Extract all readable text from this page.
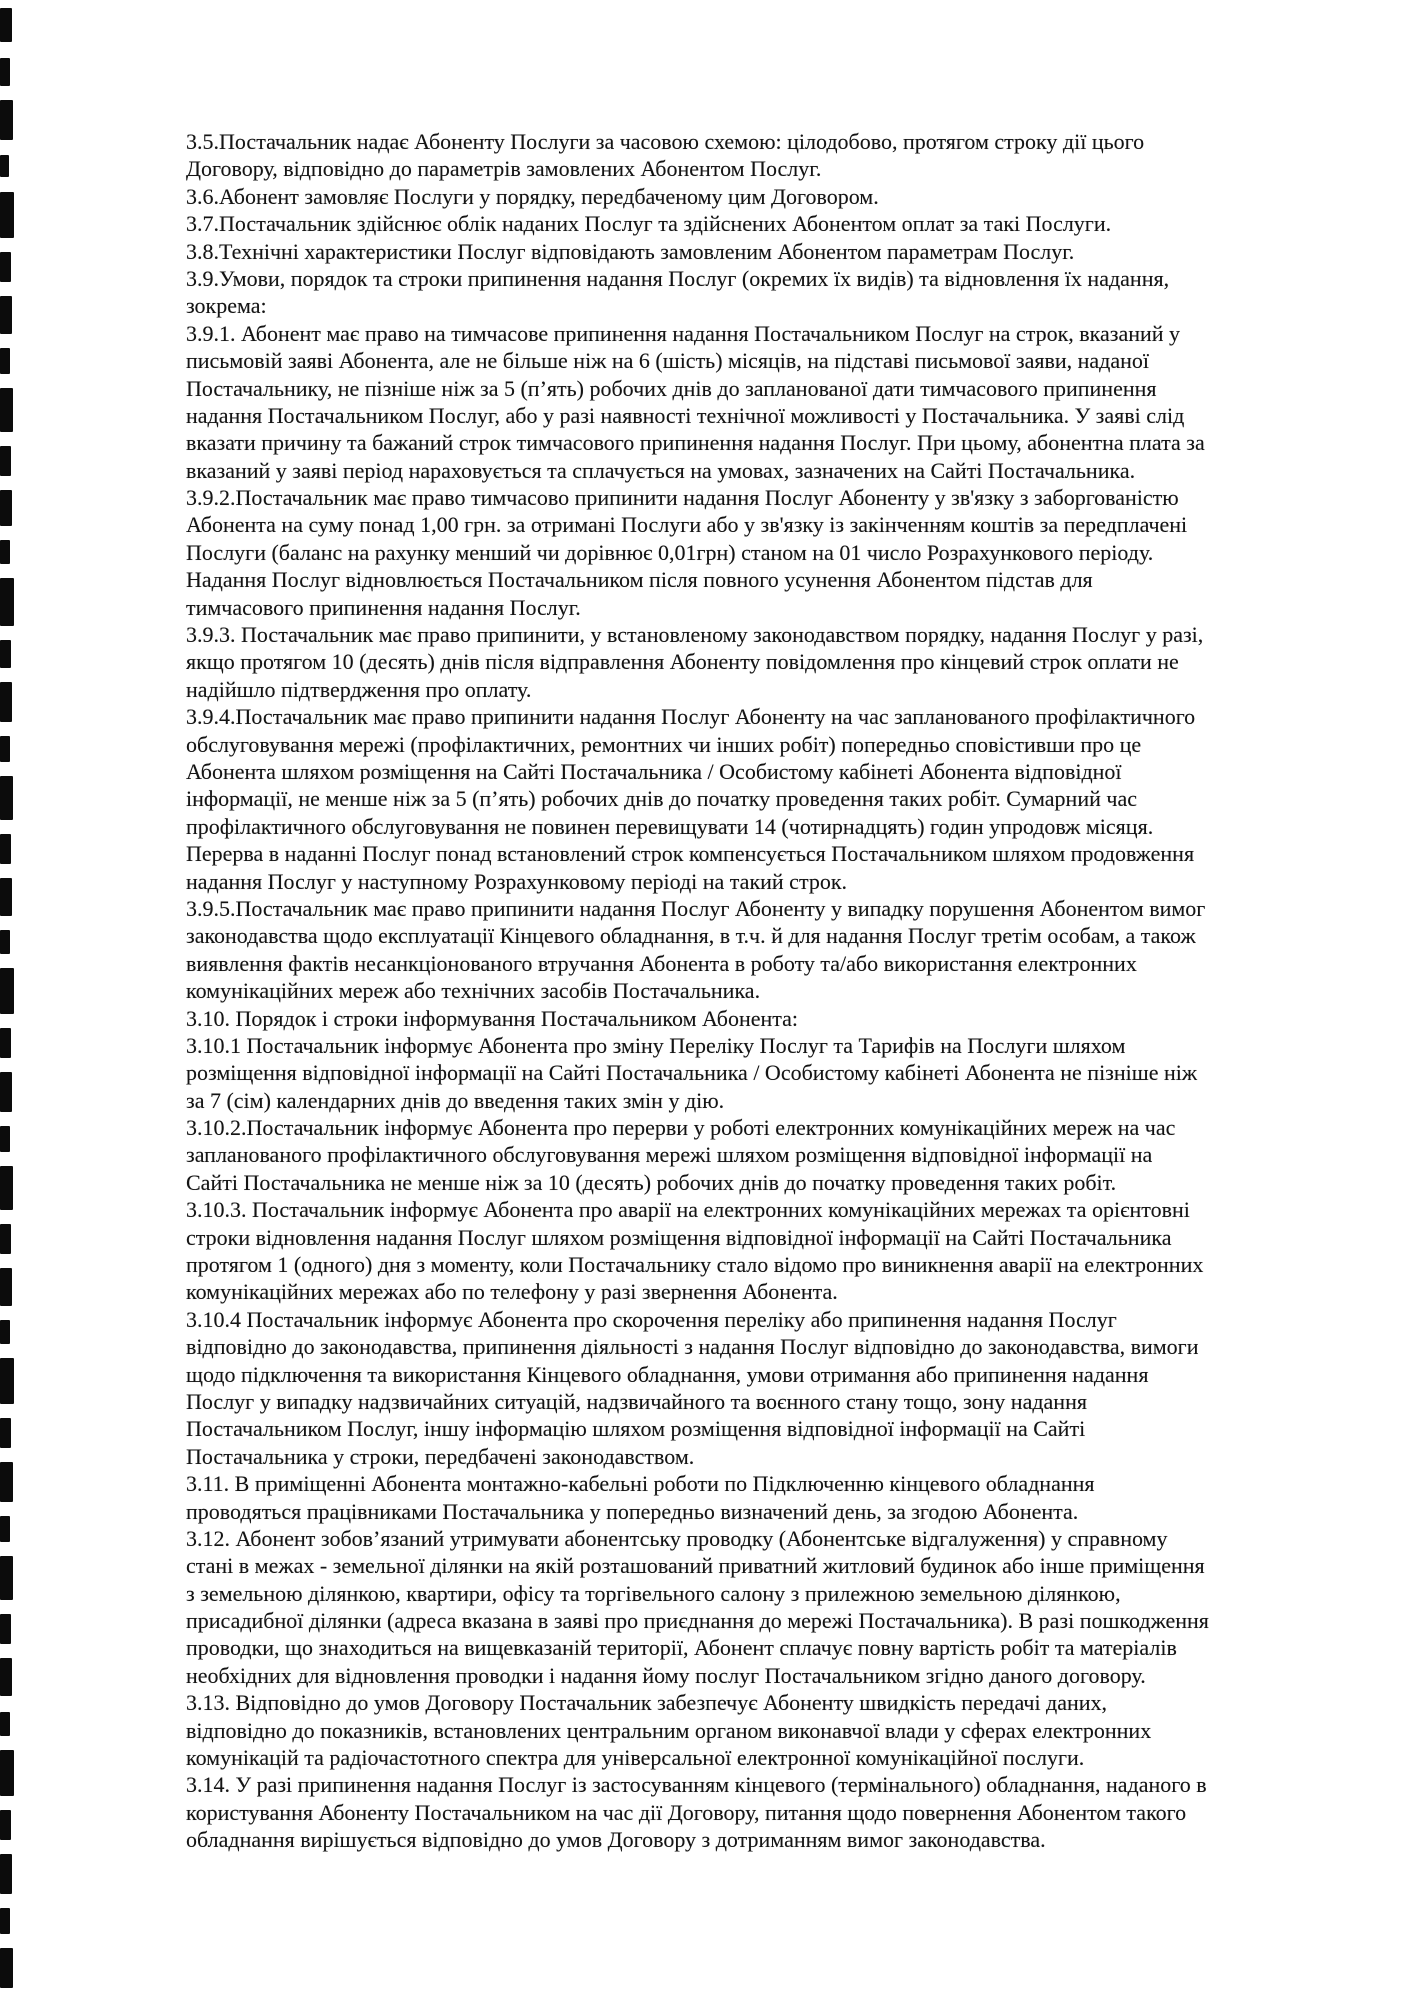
3.5.Постачальник надає Абоненту Послуги за часовою схемою: цілодобово, протягом строку дії цього
Договору, відповідно до параметрів замовлених Абонентом Послуг.
3.6.Абонент замовляє Послуги у порядку, передбаченому цим Договором.
3.7.Постачальник здійснює облік наданих Послуг та здійснених Абонентом оплат за такі Послуги.
3.8.Технічні характеристики Послуг відповідають замовленим Абонентом параметрам Послуг.
3.9.Умови, порядок та строки припинення надання Послуг (окремих їх видів) та відновлення їх надання,
зокрема:
3.9.1. Абонент має право на тимчасове припинення надання Постачальником Послуг на строк, вказаний у
письмовій заяві Абонента, але не більше ніж на 6 (шість) місяців, на підставі письмової заяви, наданої
Постачальнику, не пізніше ніж за 5 (п’ять) робочих днів до запланованої дати тимчасового припинення
надання Постачальником Послуг, або у разі наявності технічної можливості у Постачальника. У заяві слід
вказати причину та бажаний строк тимчасового припинення надання Послуг. При цьому, абонентна плата за
вказаний у заяві період нараховується та сплачується на умовах, зазначених на Сайті Постачальника.
3.9.2.Постачальник має право тимчасово припинити надання Послуг Абоненту у зв'язку з заборгованістю
Абонента на суму понад 1,00 грн. за отримані Послуги або у зв'язку із закінченням коштів за передплачені
Послуги (баланс на рахунку менший чи дорівнює 0,01грн) станом на 01 число Розрахункового періоду.
Надання Послуг відновлюється Постачальником після повного усунення Абонентом підстав для
тимчасового припинення надання Послуг.
3.9.3. Постачальник має право припинити, у встановленому законодавством порядку, надання Послуг у разі,
якщо протягом 10 (десять) днів після відправлення Абоненту повідомлення про кінцевий строк оплати не
надійшло підтвердження про оплату.
3.9.4.Постачальник має право припинити надання Послуг Абоненту на час запланованого профілактичного
обслуговування мережі (профілактичних, ремонтних чи інших робіт) попередньо сповістивши про це
Абонента шляхом розміщення на Сайті Постачальника / Особистому кабінеті Абонента відповідної
інформації, не менше ніж за 5 (п’ять) робочих днів до початку проведення таких робіт. Сумарний час
профілактичного обслуговування не повинен перевищувати 14 (чотирнадцять) годин упродовж місяця.
Перерва в наданні Послуг понад встановлений строк компенсується Постачальником шляхом продовження
надання Послуг у наступному Розрахунковому періоді на такий строк.
3.9.5.Постачальник має право припинити надання Послуг Абоненту у випадку порушення Абонентом вимог
законодавства щодо експлуатації Кінцевого обладнання, в т.ч. й для надання Послуг третім особам, а також
виявлення фактів несанкціонованого втручання Абонента в роботу та/або використання електронних
комунікаційних мереж або технічних засобів Постачальника.
3.10. Порядок і строки інформування Постачальником Абонента:
3.10.1 Постачальник інформує Абонента про зміну Переліку Послуг та Тарифів на Послуги шляхом
розміщення відповідної інформації на Сайті Постачальника / Особистому кабінеті Абонента не пізніше ніж
за 7 (сім) календарних днів до введення таких змін у дію.
3.10.2.Постачальник інформує Абонента про перерви у роботі електронних комунікаційних мереж на час
запланованого профілактичного обслуговування мережі шляхом розміщення відповідної інформації на
Сайті Постачальника не менше ніж за 10 (десять) робочих днів до початку проведення таких робіт.
3.10.3. Постачальник інформує Абонента про аварії на електронних комунікаційних мережах та орієнтовні
строки відновлення надання Послуг шляхом розміщення відповідної інформації на Сайті Постачальника
протягом 1 (одного) дня з моменту, коли Постачальнику стало відомо про виникнення аварії на електронних
комунікаційних мережах або по телефону у разі звернення Абонента.
3.10.4 Постачальник інформує Абонента про скорочення переліку або припинення надання Послуг
відповідно до законодавства, припинення діяльності з надання Послуг відповідно до законодавства, вимоги
щодо підключення та використання Кінцевого обладнання, умови отримання або припинення надання
Послуг у випадку надзвичайних ситуацій, надзвичайного та воєнного стану тощо, зону надання
Постачальником Послуг, іншу інформацію шляхом розміщення відповідної інформації на Сайті
Постачальника у строки, передбачені законодавством.
3.11. В приміщенні Абонента монтажно-кабельні роботи по Підключенню кінцевого обладнання
проводяться працівниками Постачальника у попередньо визначений день, за згодою Абонента.
3.12. Абонент зобов’язаний утримувати абонентську проводку (Абонентське відгалуження) у справному
стані в межах - земельної ділянки на якій розташований приватний житловий будинок або інше приміщення
з земельною ділянкою, квартири, офісу та торгівельного салону з прилежною земельною ділянкою,
присадибної ділянки (адреса вказана в заяві про приєднання до мережі Постачальника). В разі пошкодження
проводки, що знаходиться на вищевказаній території, Абонент сплачує повну вартість робіт та матеріалів
необхідних для відновлення проводки і надання йому послуг Постачальником згідно даного договору.
3.13. Відповідно до умов Договору Постачальник забезпечує Абоненту швидкість передачі даних,
відповідно до показників, встановлених центральним органом виконавчої влади у сферах електронних
комунікацій та радіочастотного спектра для універсальної електронної комунікаційної послуги.
3.14. У разі припинення надання Послуг із застосуванням кінцевого (термінального) обладнання, наданого в
користування Абоненту Постачальником на час дії Договору, питання щодо повернення Абонентом такого
обладнання вирішується відповідно до умов Договору з дотриманням вимог законодавства.
